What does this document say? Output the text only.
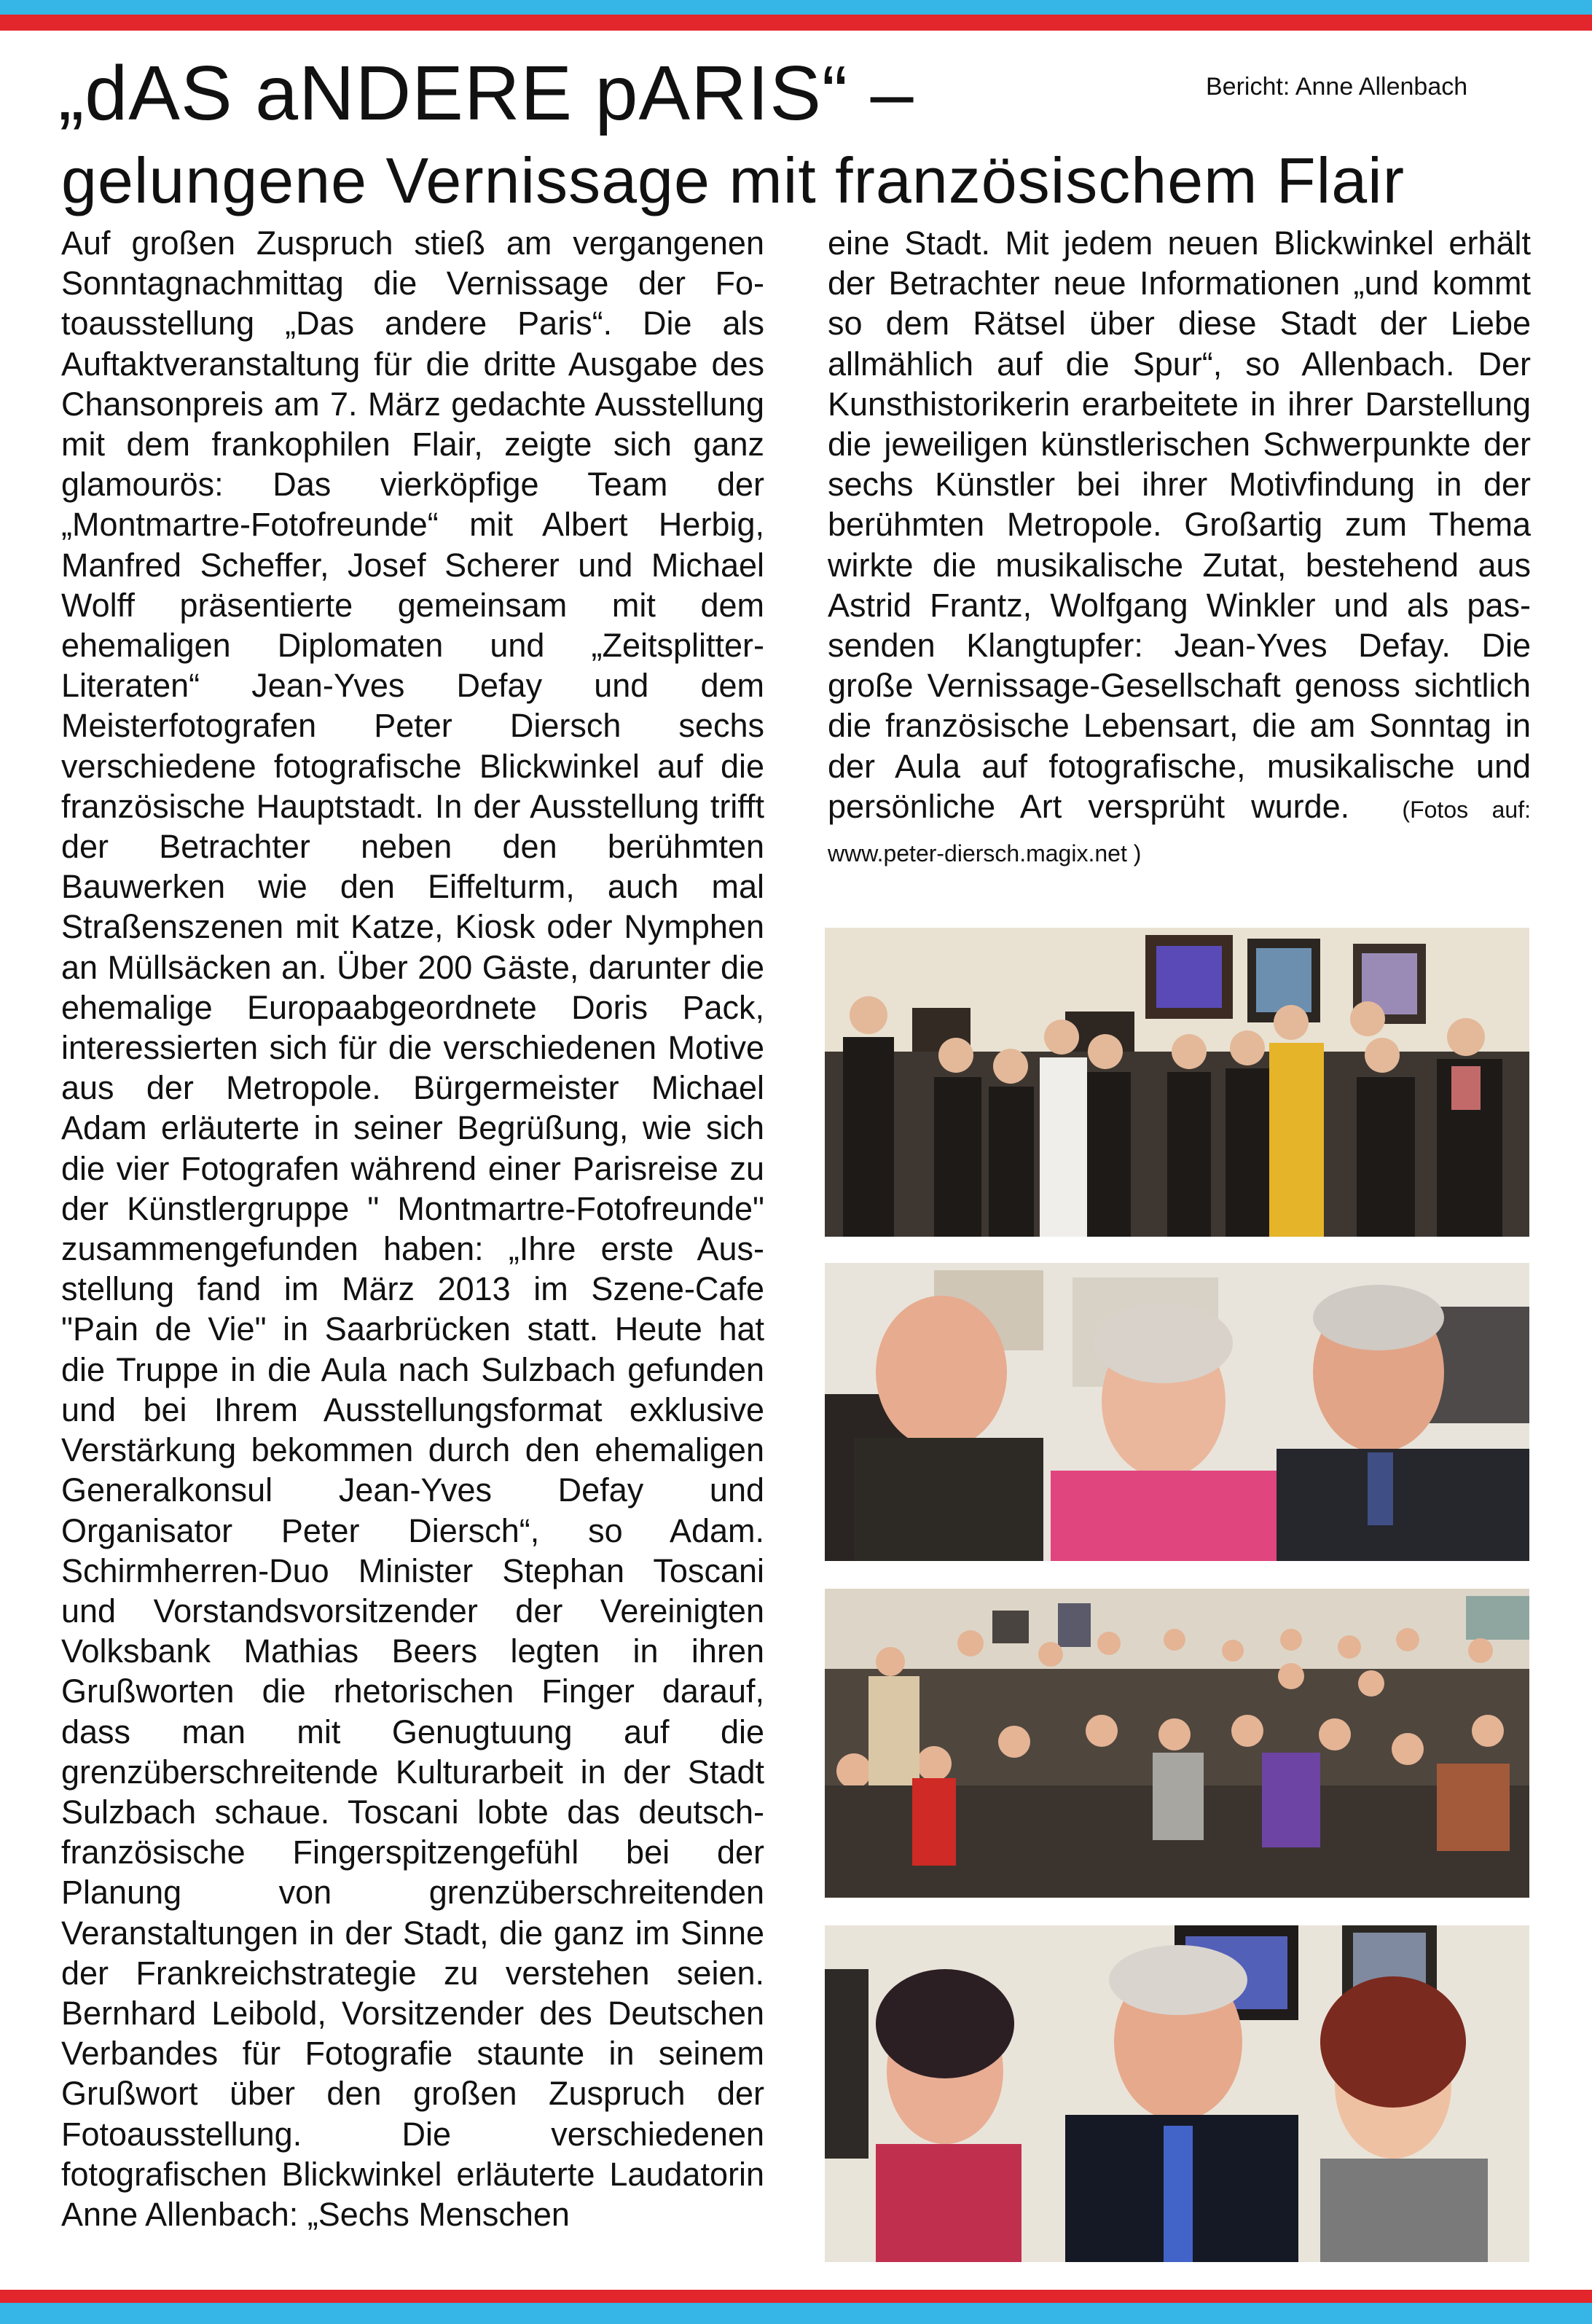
„dAS aNDERE pARIS“ –	Bericht: Anne Allenbach
gelungene Vernissage mit französischem Flair

Auf großen Zuspruch stieß am vergangenen Sonntagnachmittag die Vernissage der Fotoausstellung „Das andere Paris“. Die als Auftaktveranstaltung für die dritte Ausgabe des Chansonpreis am 7. März gedachte Ausstellung mit dem frankophilen Flair, zeigte sich ganz glamourös: Das vierköpfige Team der „Montmartre-Fotofreunde“ mit Albert Herbig, Manfred Scheffer, Josef Scherer und Michael Wolff präsentierte gemeinsam mit dem ehemaligen Diplomaten und „Zeitsplitter-Literaten“ Jean-Yves Defay und dem Meisterfotografen Peter Diersch sechs verschiedene fotografische Blickwinkel auf die französische Hauptstadt. In der Ausstellung trifft der Betrachter neben den berühmten Bauwerken wie den Eiffelturm, auch mal Straßenszenen mit Katze, Kiosk oder Nymphen an Müllsäcken an. Über 200 Gäste, darunter die ehemalige Europaabgeordnete Doris Pack, interessierten sich für die verschiedenen Motive aus der Metropole. Bürgermeister Michael Adam erläuterte in seiner Begrüßung, wie sich die vier Fotografen während einer Parisreise zu der Künstlergruppe " Montmartre-Fotofreunde" zusammengefunden haben: „Ihre erste Ausstellung fand im März 2013 im Szene-Cafe "Pain de Vie" in Saarbrücken statt. Heute hat die Truppe in die Aula nach Sulzbach gefunden und bei Ihrem Ausstellungsformat exklusive Verstärkung bekommen durch den ehemaligen Generalkonsul Jean-Yves Defay und Organisator Peter Diersch“, so Adam. Schirmherren-Duo Minister Stephan Toscani und Vorstandsvorsitzender der Vereinigten Volksbank Mathias Beers legten in ihren Grußworten die rhetorischen Finger darauf, dass man mit Genugtuung auf die grenzüberschreitende Kulturarbeit in der Stadt Sulzbach schaue. Toscani lobte das deutsch-französische Fingerspitzengefühl bei der Planung von grenzüberschreitenden Veranstaltungen in der Stadt, die ganz im Sinne der Frankreichstrategie zu verstehen seien. Bernhard Leibold, Vorsitzender des Deutschen Verbandes für Fotografie staunte in seinem Grußwort über den großen Zuspruch der Fotoausstellung. Die verschiedenen fotografischen Blickwinkel erläuterte Laudatorin Anne Allenbach: „Sechs Menschen

eine Stadt. Mit jedem neuen Blickwinkel erhält der Betrachter neue Informationen „und kommt so dem Rätsel über diese Stadt der Liebe allmählich auf die Spur“, so Allenbach. Der Kunsthistorikerin erarbeitete in ihrer Darstellung die jeweiligen künstlerischen Schwerpunkte der sechs Künstler bei ihrer Motivfindung in der berühmten Metropole. Großartig zum Thema wirkte die musikalische Zutat, bestehend aus Astrid Frantz, Wolfgang Winkler und als passenden Klangtupfer: Jean-Yves Defay. Die große Vernissage-Gesellschaft genoss sichtlich die französische Lebensart, die am Sonntag in der Aula auf fotografische, musikalische und persönliche Art versprüht wurde. (Fotos auf: www.peter-diersch.magix.net )
